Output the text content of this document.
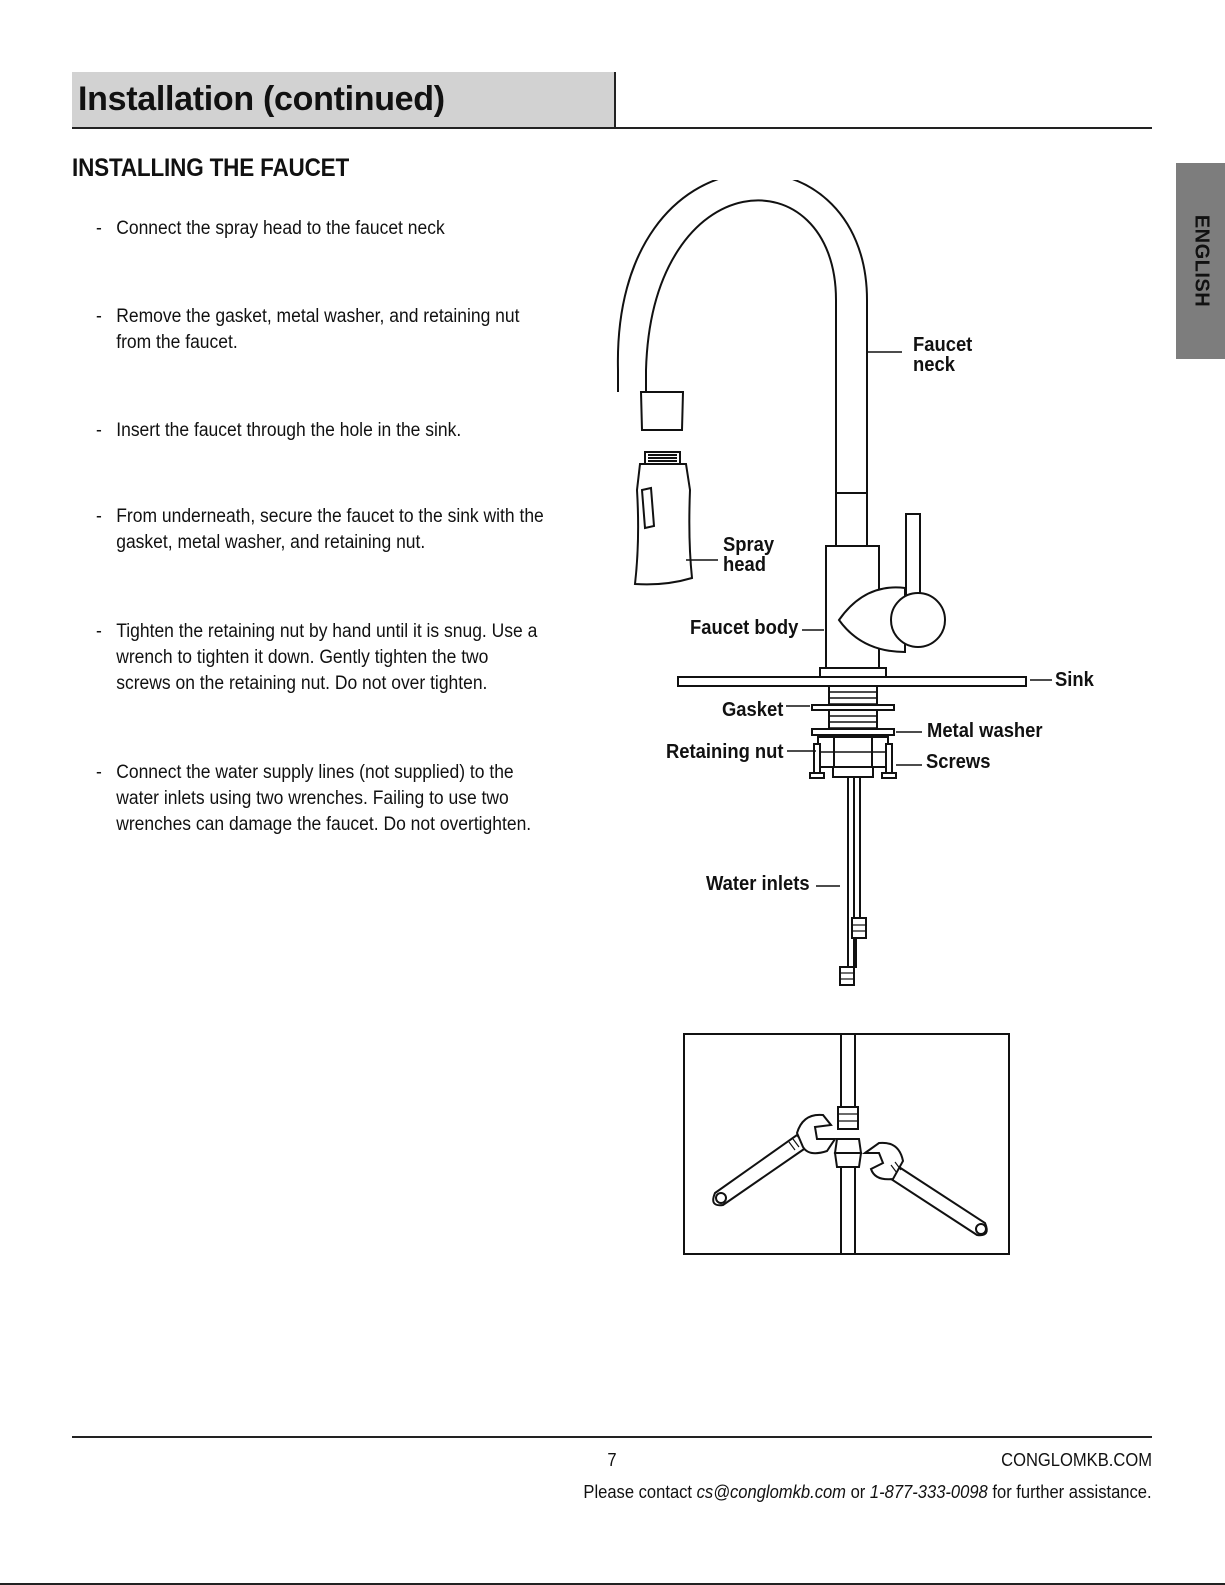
Installation (continued)
INSTALLING THE FAUCET
ENGLISH
- Connect the spray head to the faucet neck
- Remove the gasket, metal washer, and retaining nut from the faucet.
- Insert the faucet through the hole in the sink.
- From underneath, secure the faucet to the sink with the gasket, metal washer, and retaining nut.
- Tighten the retaining nut by hand until it is snug. Use a wrench to tighten it down. Gently tighten the two screws on the retaining nut. Do not over tighten.
- Connect the water supply lines (not supplied) to the water inlets using two wrenches. Failing to use two wrenches can damage the faucet. Do not overtighten.
Faucet neck
Spray head
Faucet body
Sink
Gasket
Metal washer
Retaining nut	Screws
Water inlets
7	CONGLOMKB.COM
Please contact cs@conglomkb.com or 1-877-333-0098 for further assistance.
